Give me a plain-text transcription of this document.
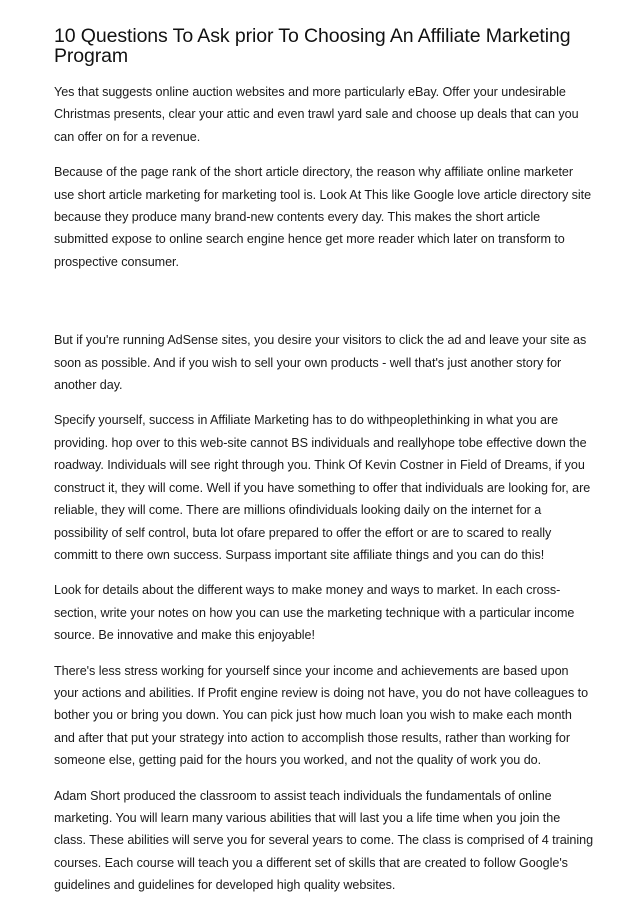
10 Questions To Ask prior To Choosing An Affiliate Marketing Program

Yes that suggests online auction websites and more particularly eBay. Offer your undesirable Christmas presents, clear your attic and even trawl yard sale and choose up deals that can you can offer on for a revenue.

Because of the page rank of the short article directory, the reason why affiliate online marketer use short article marketing for marketing tool is. Look At This like Google love article directory site because they produce many brand-new contents every day. This makes the short article submitted expose to online search engine hence get more reader which later on transform to prospective consumer.

But if you're running AdSense sites, you desire your visitors to click the ad and leave your site as soon as possible. And if you wish to sell your own products - well that's just another story for another day.

Specify yourself, success in Affiliate Marketing has to do withpeoplethinking in what you are providing. hop over to this web-site cannot BS individuals and reallyhope tobe effective down the roadway. Individuals will see right through you. Think Of Kevin Costner in Field of Dreams, if you construct it, they will come. Well if you have something to offer that individuals are looking for, are reliable, they will come. There are millions ofindividuals looking daily on the internet for a possibility of self control, buta lot ofare prepared to offer the effort or are to scared to really committ to there own success. Surpass important site affiliate things and you can do this!

Look for details about the different ways to make money and ways to market. In each cross-section, write your notes on how you can use the marketing technique with a particular income source. Be innovative and make this enjoyable!

There's less stress working for yourself since your income and achievements are based upon your actions and abilities. If Profit engine review is doing not have, you do not have colleagues to bother you or bring you down. You can pick just how much loan you wish to make each month and after that put your strategy into action to accomplish those results, rather than working for someone else, getting paid for the hours you worked, and not the quality of work you do.

Adam Short produced the classroom to assist teach individuals the fundamentals of online marketing. You will learn many various abilities that will last you a life time when you join the class. These abilities will serve you for several years to come. The class is comprised of 4 training courses. Each course will teach you a different set of skills that are created to follow Google's guidelines and guidelines for developed high quality websites.
